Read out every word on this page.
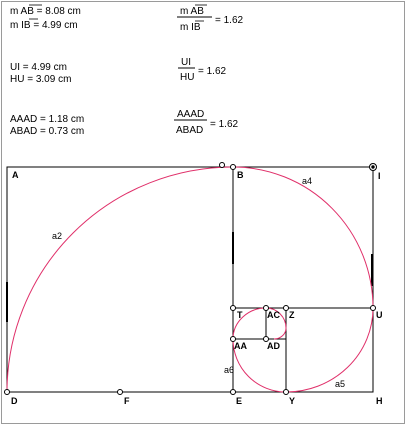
m AB = 8.08 cm
m IB = 4.99 cm
UI = 4.99 cm
HU = 3.09 cm
AAAD = 1.18 cm
ABAD = 0.73 cm
m AB
m IB
= 1.62
UI
HU
= 1.62
AAAD
ABAD
= 1.62
A	B	I
D	F	E	Y	H
T	AC Z	U
AA AD
a2
a4
a5
a6
